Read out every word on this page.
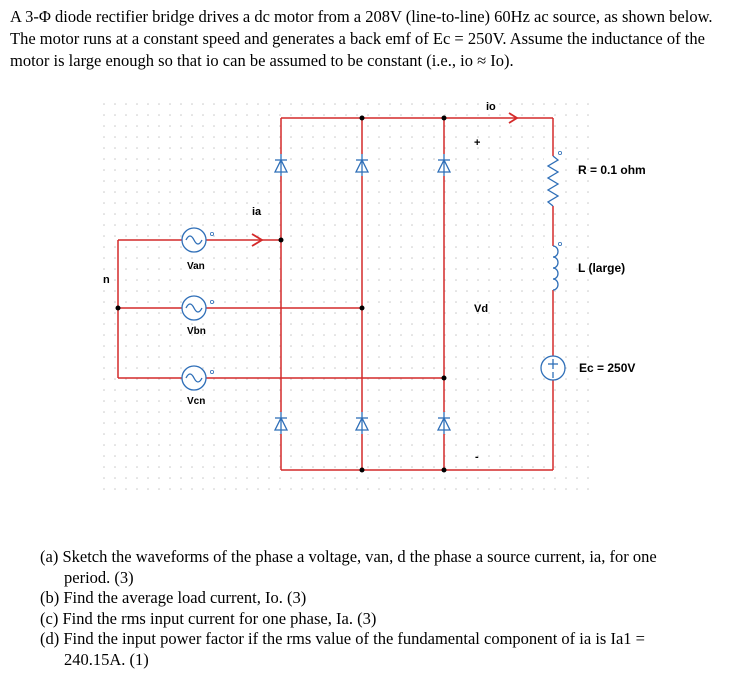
A 3-Φ diode rectifier bridge drives a dc motor from a 208V (line-to-line) 60Hz ac source, as shown below. The motor runs at a constant speed and generates a back emf of Ec = 250V. Assume the inductance of the motor is large enough so that io can be assumed to be constant (i.e., io ≈ Io).
io
+
ia
n
Van
Vbn
Vcn
Vd
-
R = 0.1 ohm
L (large)
Ec = 250V

(a) Sketch the waveforms of the phase a voltage, van, d the phase a source current, ia, for one period. (3)

(b) Find the average load current, Io. (3)

(c) Find the rms input current for one phase, Ia. (3)

(d) Find the input power factor if the rms value of the fundamental component of ia is Ia1 = 240.15A. (1)
